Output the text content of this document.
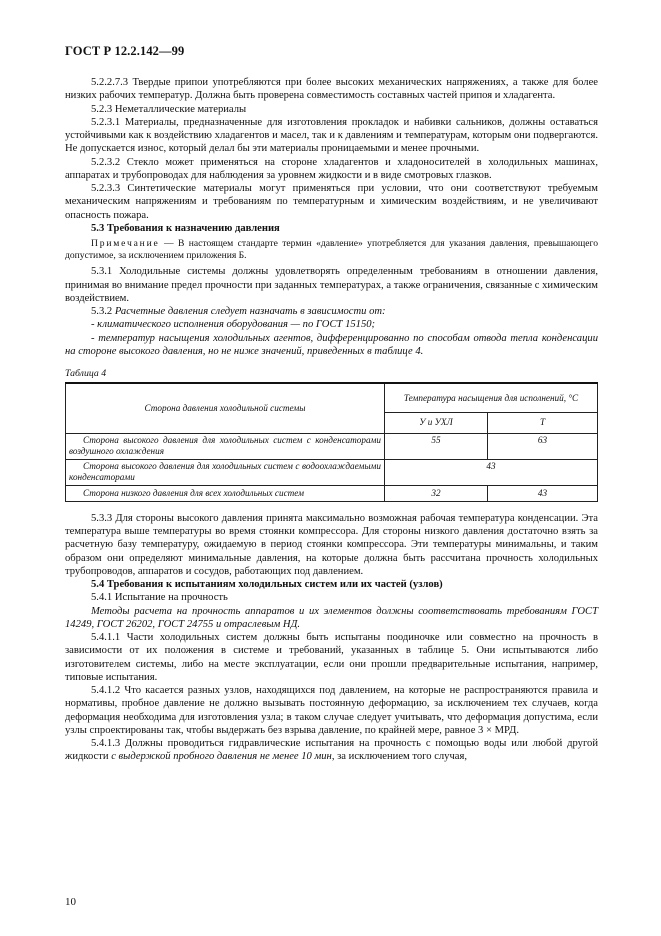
ГОСТ Р 12.2.142—99

5.2.2.7.3 Твердые припои употребляются при более высоких механических напряжениях, а также для более низких рабочих температур. Должна быть проверена совместимость составных частей припоя и хладагента.

5.2.3 Неметаллические материалы

5.2.3.1 Материалы, предназначенные для изготовления прокладок и набивки сальников, должны оставаться устойчивыми как к воздействию хладагентов и масел, так и к давлениям и температурам, которым они подвергаются. Не допускается износ, который делал бы эти материалы проницаемыми и менее прочными.

5.2.3.2 Стекло может применяться на стороне хладагентов и хладоносителей в холодильных машинах, аппаратах и трубопроводах для наблюдения за уровнем жидкости и в виде смотровых глазков.

5.2.3.3 Синтетические материалы могут применяться при условии, что они соответствуют требуемым механическим напряжениям и требованиям по температурным и химическим воздействиям, и не увеличивают опасность пожара.

5.3 Требования к назначению давления

Примечание — В настоящем стандарте термин «давление» употребляется для указания давления, превышающего допустимое, за исключением приложения Б.

5.3.1 Холодильные системы должны удовлетворять определенным требованиям в отношении давления, принимая во внимание предел прочности при заданных температурах, а также ограничения, связанные с химическим воздействием.

5.3.2 Расчетные давления следует назначать в зависимости от:

- климатического исполнения оборудования — по ГОСТ 15150;

- температур насыщения холодильных агентов, дифференцированно по способам отвода тепла конденсации на стороне высокого давления, но не ниже значений, приведенных в таблице 4.

Таблица 4

Сторона давления холодильной системы	Температура насыщения для исполнений, °С	
	У и УХЛ	Т
Сторона высокого давления для холодильных систем с конденсаторами воздушного охлаждения	55	63
Сторона высокого давления для холодильных систем с водоохлаждаемыми конденсаторами	43	
Сторона низкого давления для всех холодильных систем	32	43

5.3.3 Для стороны высокого давления принята максимально возможная рабочая температура конденсации. Эта температура выше температуры во время стоянки компрессора. Для стороны низкого давления достаточно взять за расчетную базу температуру, ожидаемую в период стоянки компрессора. Эти температуры минимальны, и таким образом они определяют минимальные давления, на которые должна быть рассчитана прочность холодильных трубопроводов, аппаратов и сосудов, работающих под давлением.

5.4 Требования к испытаниям холодильных систем или их частей (узлов)

5.4.1 Испытание на прочность

Методы расчета на прочность аппаратов и их элементов должны соответствовать требованиям ГОСТ 14249, ГОСТ 26202, ГОСТ 24755 и отраслевым НД.

5.4.1.1 Части холодильных систем должны быть испытаны поодиночке или совместно на прочность в зависимости от их положения в системе и требований, указанных в таблице 5. Они испытываются либо изготовителем системы, либо на месте эксплуатации, если они прошли предварительные испытания, например, типовые испытания.

5.4.1.2 Что касается разных узлов, находящихся под давлением, на которые не распространяются правила и нормативы, пробное давление не должно вызывать постоянную деформацию, за исключением тех случаев, когда деформация необходима для изготовления узла; в таком случае следует учитывать, что деформация допустима, если узлы спроектированы так, чтобы выдержать без взрыва давление, по крайней мере, равное 3 × МРД.

5.4.1.3 Должны проводиться гидравлические испытания на прочность с помощью воды или любой другой жидкости с выдержкой пробного давления не менее 10 мин, за исключением того случая,

10
